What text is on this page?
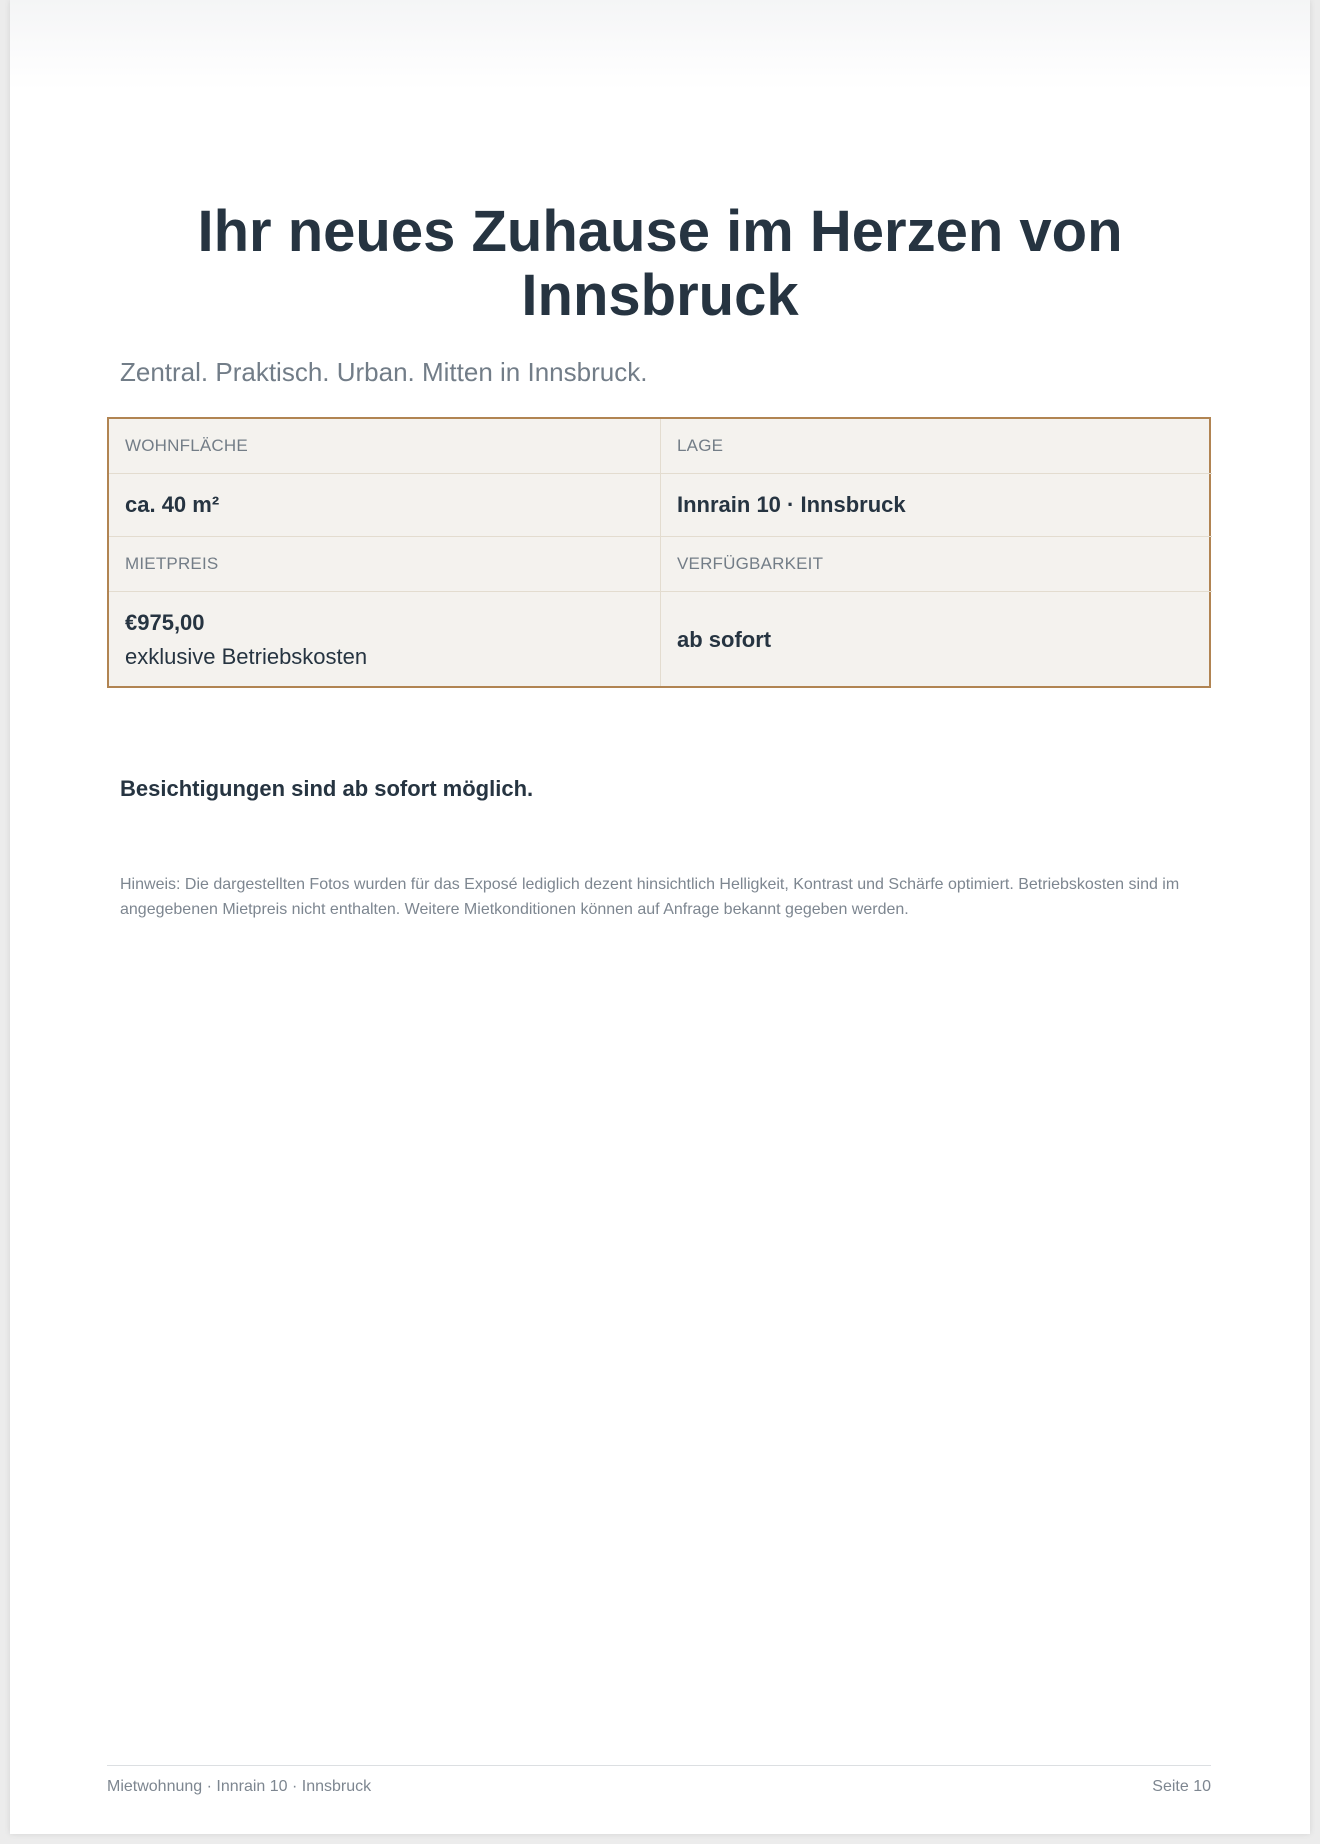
Ihr neues Zuhause im Herzen von Innsbruck

Zentral. Praktisch. Urban. Mitten in Innsbruck.

WOHNFLÄCHE
ca. 40 m²
MIETPREIS
€975,00
exklusive Betriebskosten
LAGE
Innrain 10 · Innsbruck
VERFÜGBARKEIT
ab sofort

Besichtigungen sind ab sofort möglich.

Hinweis: Die dargestellten Fotos wurden für das Exposé lediglich dezent hinsichtlich Helligkeit, Kontrast und Schärfe optimiert. Betriebskosten sind im angegebenen Mietpreis nicht enthalten. Weitere Mietkonditionen können auf Anfrage bekannt gegeben werden.

Mietwohnung · Innrain 10 · Innsbruck	Seite 10
